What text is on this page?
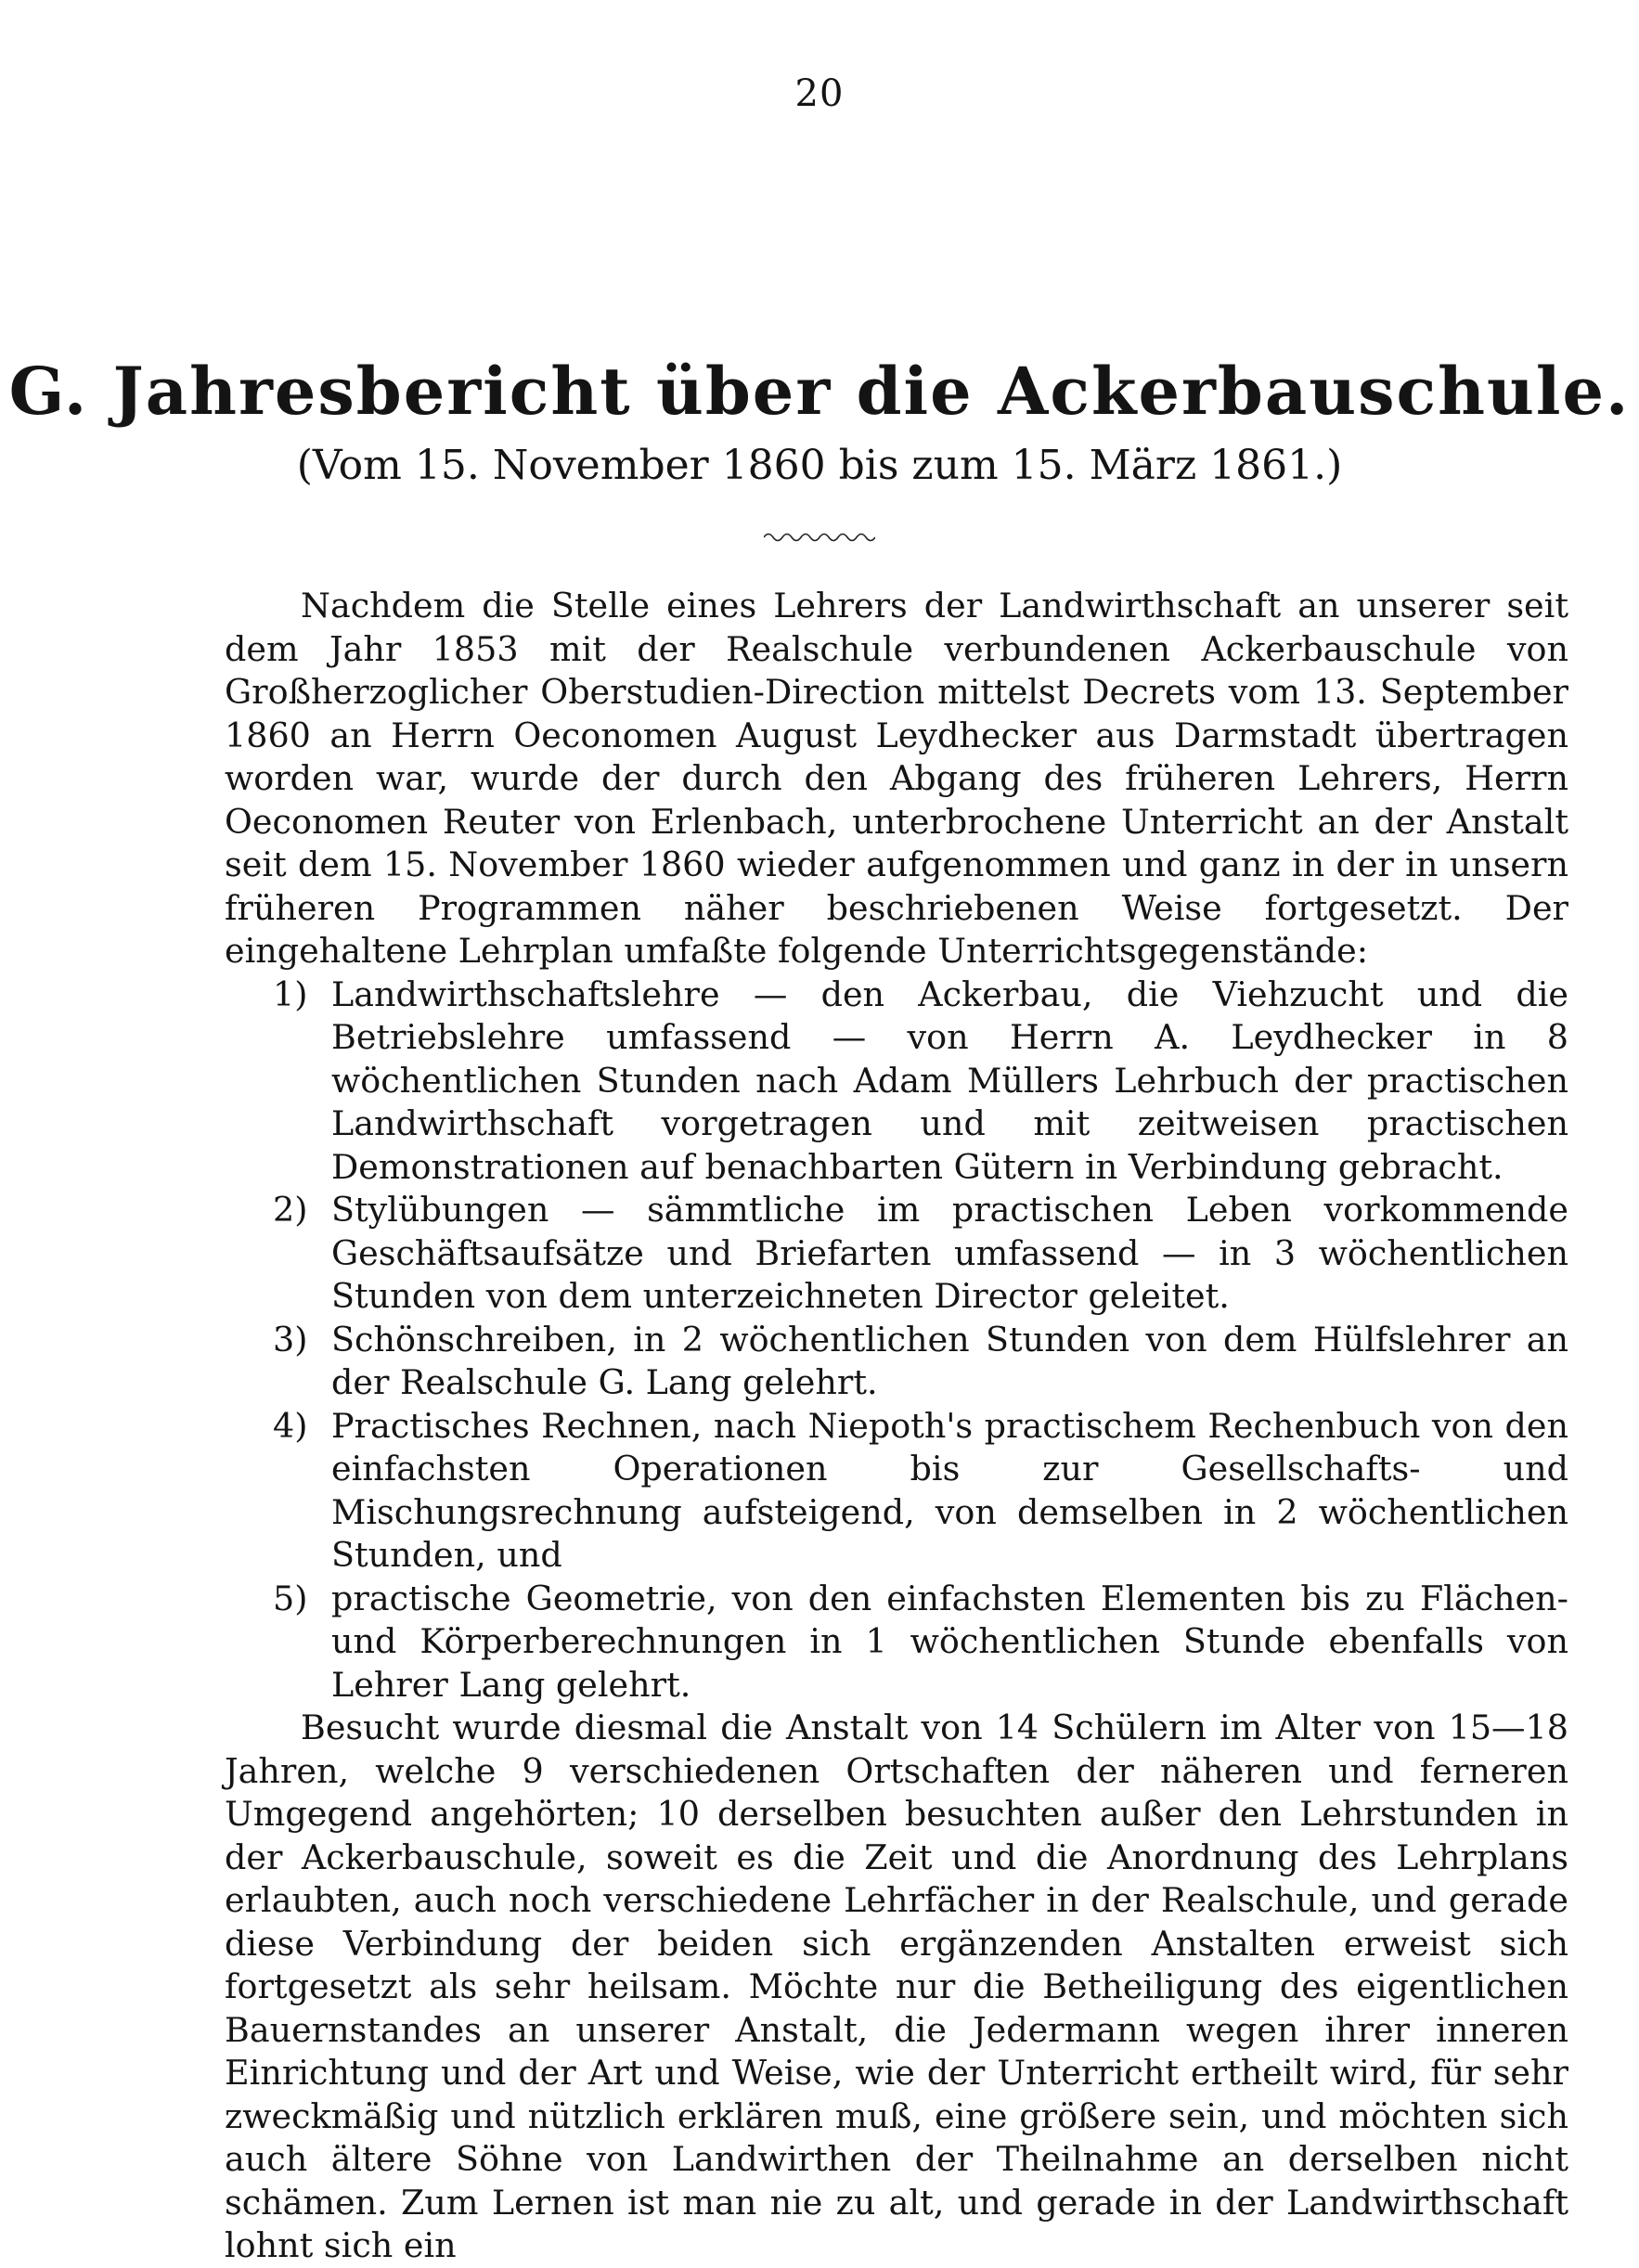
20
G. Jahresbericht über die Ackerbauschule.
(Vom 15. November 1860 bis zum 15. März 1861.)

Nachdem die Stelle eines Lehrers der Landwirthschaft an unserer seit dem Jahr 1853 mit der Realschule verbundenen Ackerbauschule von Großherzoglicher Oberstudien-Direction mittelst Decrets vom 13. September 1860 an Herrn Oeconomen August Leydhecker aus Darmstadt übertragen worden war, wurde der durch den Abgang des früheren Lehrers, Herrn Oeconomen Reuter von Erlenbach, unterbrochene Unterricht an der Anstalt seit dem 15. November 1860 wieder aufgenommen und ganz in der in unsern früheren Programmen näher beschriebenen Weise fortgesetzt. Der eingehaltene Lehrplan umfaßte folgende Unterrichtsgegenstände:

1) Landwirthschaftslehre — den Ackerbau, die Viehzucht und die Betriebslehre umfassend — von Herrn A. Leydhecker in 8 wöchentlichen Stunden nach Adam Müllers Lehrbuch der practischen Landwirthschaft vorgetragen und mit zeitweisen practischen Demonstrationen auf benachbarten Gütern in Verbindung gebracht.
2) Stylübungen — sämmtliche im practischen Leben vorkommende Geschäftsaufsätze und Briefarten umfassend — in 3 wöchentlichen Stunden von dem unterzeichneten Director geleitet.
3) Schönschreiben, in 2 wöchentlichen Stunden von dem Hülfslehrer an der Realschule G. Lang gelehrt.
4) Practisches Rechnen, nach Niepoth's practischem Rechenbuch von den einfachsten Operationen bis zur Gesellschafts- und Mischungsrechnung aufsteigend, von demselben in 2 wöchentlichen Stunden, und
5) practische Geometrie, von den einfachsten Elementen bis zu Flächen- und Körperberechnungen in 1 wöchentlichen Stunde ebenfalls von Lehrer Lang gelehrt.

Besucht wurde diesmal die Anstalt von 14 Schülern im Alter von 15—18 Jahren, welche 9 verschiedenen Ortschaften der näheren und ferneren Umgegend angehörten; 10 derselben besuchten außer den Lehrstunden in der Ackerbauschule, soweit es die Zeit und die Anordnung des Lehrplans erlaubten, auch noch verschiedene Lehrfächer in der Realschule, und gerade diese Verbindung der beiden sich ergänzenden Anstalten erweist sich fortgesetzt als sehr heilsam. Möchte nur die Betheiligung des eigentlichen Bauernstandes an unserer Anstalt, die Jedermann wegen ihrer inneren Einrichtung und der Art und Weise, wie der Unterricht ertheilt wird, für sehr zweckmäßig und nützlich erklären muß, eine größere sein, und möchten sich auch ältere Söhne von Landwirthen der Theilnahme an derselben nicht schämen. Zum Lernen ist man nie zu alt, und gerade in der Landwirthschaft lohnt sich ein
